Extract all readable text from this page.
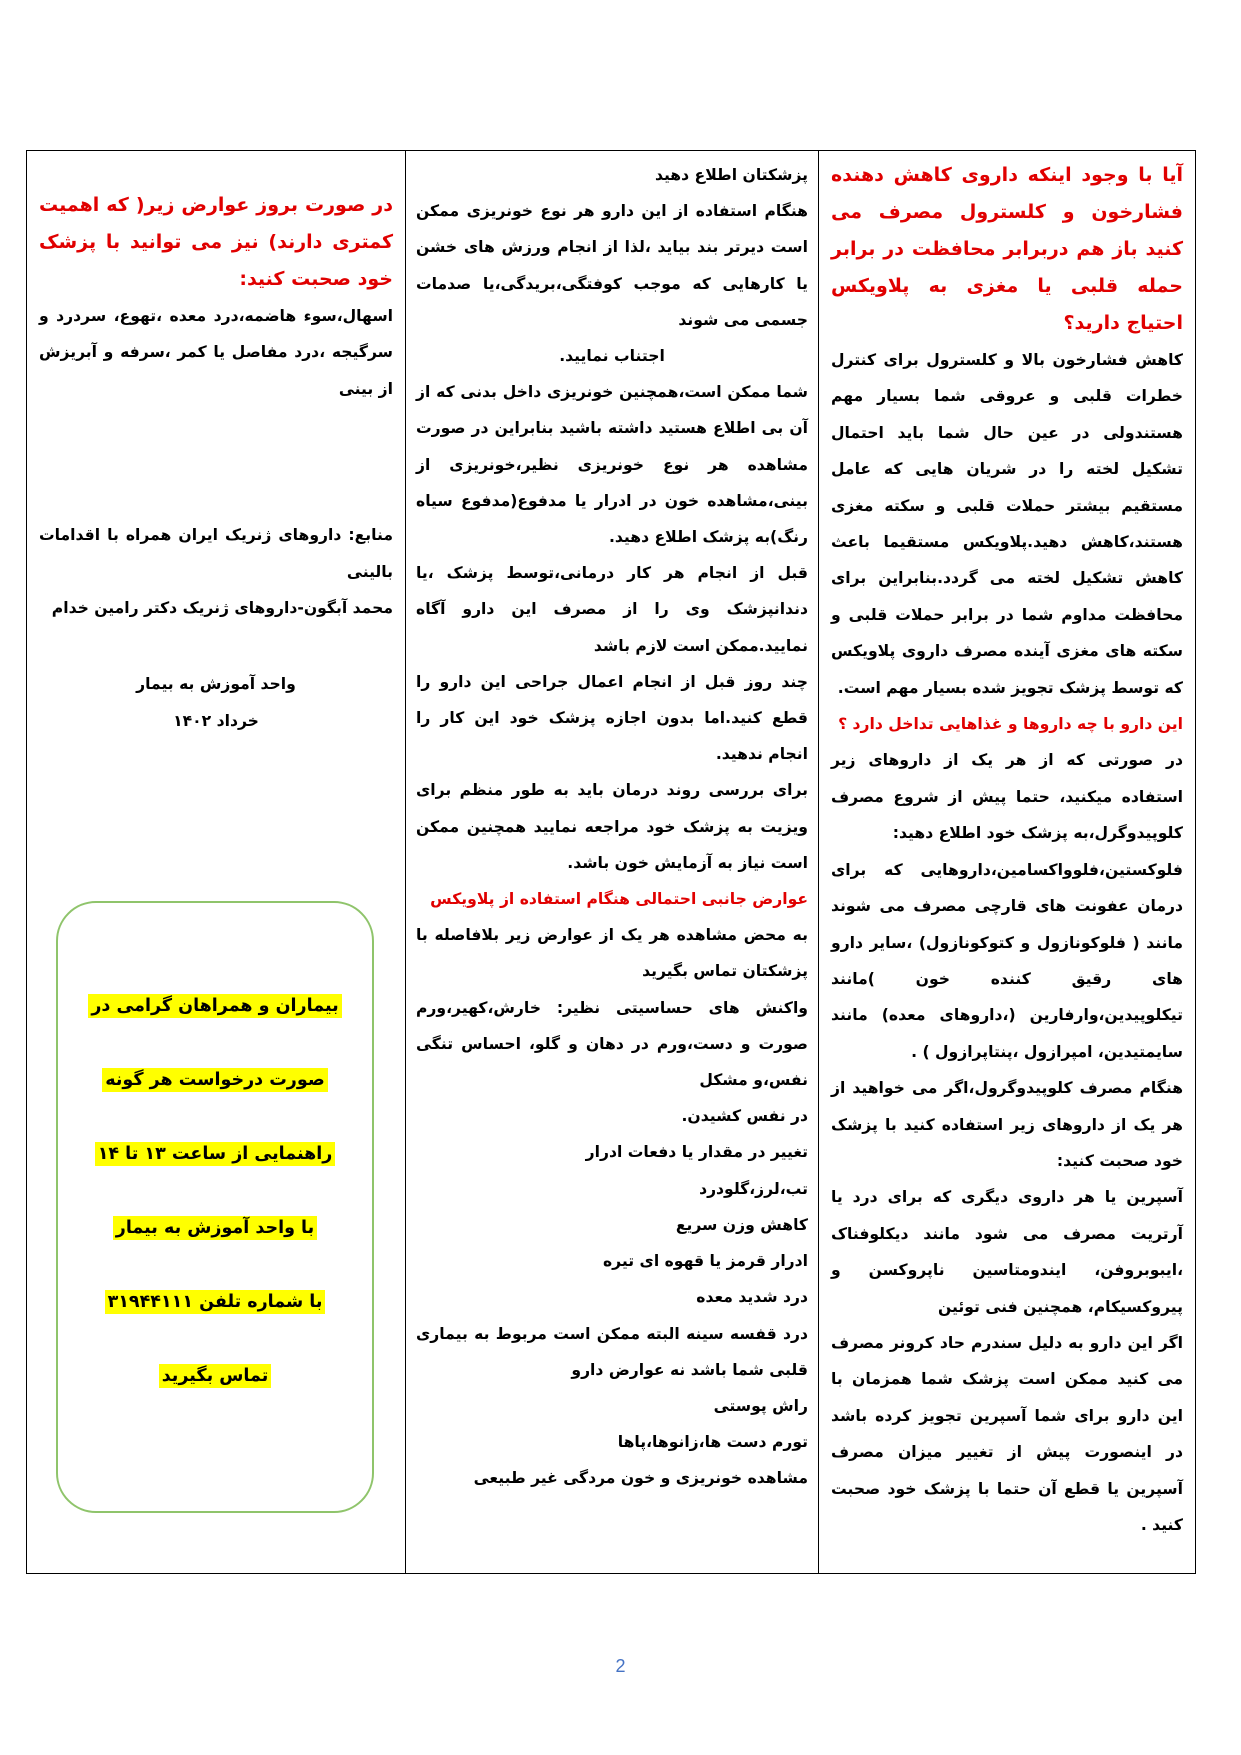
آیا با وجود اینکه داروی کاهش دهنده فشارخون و کلسترول مصرف می کنید باز هم دربرابر محافظت در برابر حمله قلبی یا مغزی به پلاویکس احتیاج دارید؟

کاهش فشارخون بالا و کلسترول برای کنترل خطرات قلبی و عروقی شما بسیار مهم هستندولی در عین حال شما باید احتمال تشکیل لخته را در شریان هایی که عامل مستقیم بیشتر حملات قلبی و سکته مغزی هستند،کاهش دهید.پلاویکس مستقیما باعث کاهش تشکیل لخته می گردد.بنابراین برای محافظت مداوم شما در برابر حملات قلبی و سکته های مغزی آینده مصرف داروی پلاویکس که توسط پزشک تجویز شده بسیار مهم است.

این دارو با چه داروها و غذاهایی تداخل دارد ؟

در صورتی که از هر یک از داروهای زیر استفاده میکنید، حتما پیش از شروع مصرف کلوپیدوگرل،به پزشک خود اطلاع دهید:

فلوکستین،فلوواکسامین،داروهایی که برای درمان عفونت های قارچی مصرف می شوند مانند ( فلوکونازول و کتوکونازول) ،سایر دارو های رقیق کننده خون )مانند تیکلوپیدین،وارفارین (،داروهای معده) مانند سایمتیدین، امپرازول ،پنتاپرازول ) .

هنگام مصرف کلوپیدوگرول،اگر می خواهید از هر یک از داروهای زیر استفاده کنید با پزشک خود صحبت کنید:

آسپرین یا هر داروی دیگری که برای درد یا آرتریت مصرف می شود مانند دیکلوفناک ،ایبوبروفن، ایندومتاسین ناپروکسن و پیروکسیکام، همچنین فنی توئین

اگر این دارو به دلیل سندرم حاد کرونر مصرف می کنید ممکن است پزشک شما همزمان با این دارو برای شما آسپرین تجویز کرده باشد در اینصورت پیش از تغییر میزان مصرف آسپرین یا قطع آن حتما با پزشک خود صحبت کنید .

پزشکتان اطلاع دهید

هنگام استفاده از این دارو هر نوع خونریزی ممکن است دیرتر بند بیاید ،لذا از انجام ورزش های خشن یا کارهایی که موجب کوفتگی،بریدگی،یا صدمات جسمی می شوند

اجتناب نمایید.

شما ممکن است،همچنین خونریزی داخل بدنی که از آن بی اطلاع هستید داشته باشید بنابراین در صورت مشاهده هر نوع خونریزی نظیر،خونریزی از بینی،مشاهده خون در ادرار یا مدفوع(مدفوع سیاه رنگ)به پزشک اطلاع دهید.

قبل از انجام هر کار درمانی،توسط پزشک ،یا دندانپزشک وی را از مصرف این دارو آگاه نمایید.ممکن است لازم باشد

چند روز قبل از انجام اعمال جراحی این دارو را قطع کنید.اما بدون اجازه پزشک خود این کار را انجام ندهید.

برای بررسی روند درمان باید به طور منظم برای ویزیت به پزشک خود مراجعه نمایید همچنین ممکن است نیاز به آزمایش خون باشد.

عوارض جانبی احتمالی هنگام استفاده از پلاویکس

به محض مشاهده هر یک از عوارض زیر بلافاصله با پزشکتان تماس بگیرید

واکنش های حساسیتی نظیر: خارش،کهیر،ورم صورت و دست،ورم در دهان و گلو، احساس تنگی نفس،و مشکل

در نفس کشیدن.

تغییر در مقدار یا دفعات ادرار

تب،لرز،گلودرد

کاهش وزن سریع

ادرار قرمز یا قهوه ای تیره

درد شدید معده

درد قفسه سینه البته ممکن است مربوط به بیماری قلبی شما باشد نه عوارض دارو

راش پوستی

تورم دست ها،زانوها،پاها

مشاهده خونریزی و خون مردگی غیر طبیعی

در صورت بروز عوارض زیر( که اهمیت کمتری دارند) نیز می توانید با پزشک خود صحبت کنید:

اسهال،سوء هاضمه،درد معده ،تهوع، سردرد و سرگیجه ،درد مفاصل یا کمر ،سرفه و آبریزش از بینی

منابع: داروهای ژنریک ایران همراه با اقدامات بالینی

محمد آبگون-داروهای ژنریک دکتر رامین خدام

واحد آموزش به بیمار

خرداد ۱۴۰۲

بیماران و همراهان گرامی در

صورت درخواست هر گونه

راهنمایی از ساعت ۱۳ تا ۱۴

با واحد آموزش به بیمار

با شماره تلفن ۳۱۹۴۴۱۱۱

تماس بگیرید

2
